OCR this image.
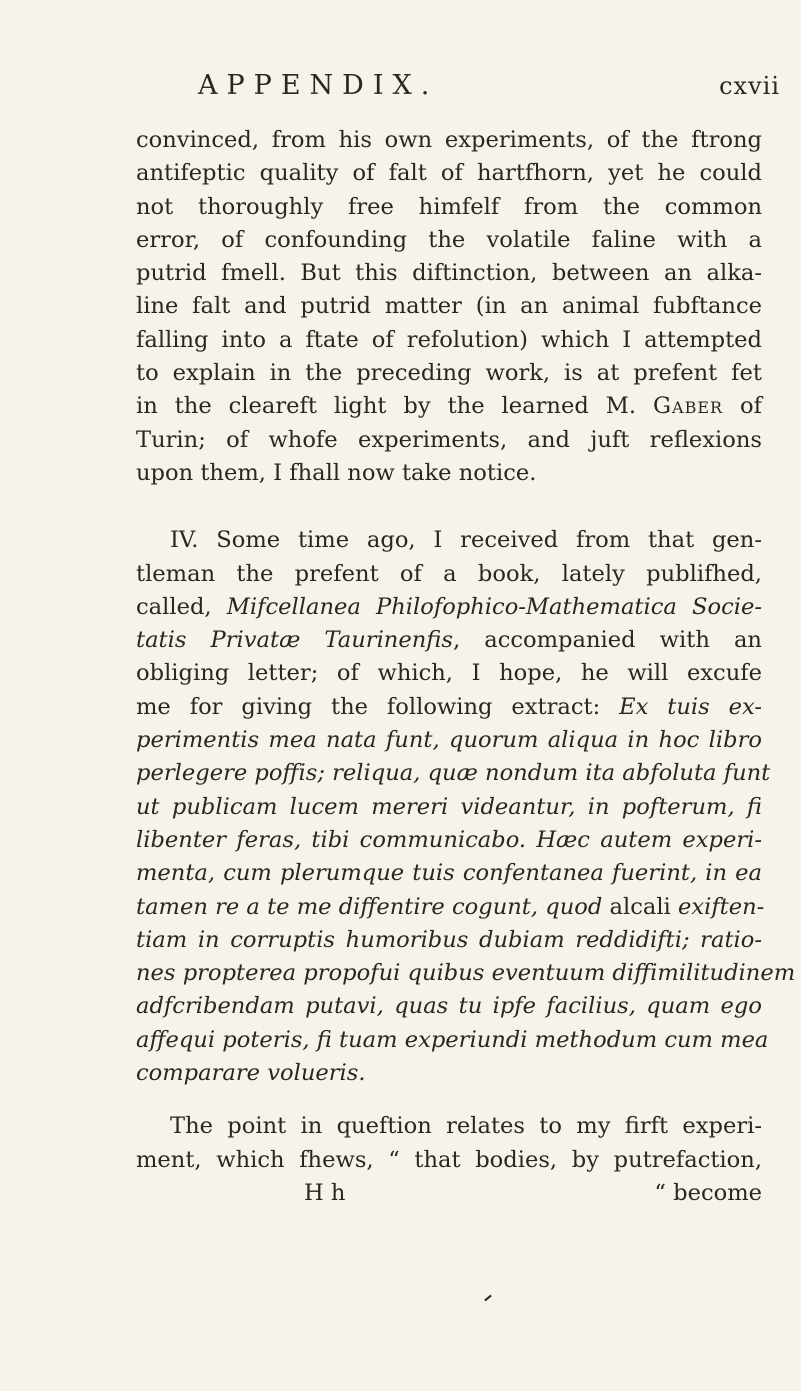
APPENDIX.	cxvii
convinced, from his own experiments, of the ftrong
antifeptic quality of falt of hartfhorn, yet he could
not thoroughly free himfelf from the common
error, of confounding the volatile faline with a
putrid fmell. But this diftinction, between an alka-
line falt and putrid matter (in an animal fubftance
falling into a ftate of refolution) which I attempted
to explain in the preceding work, is at prefent fet
in the cleareft light by the learned M. Gaber of
Turin; of whofe experiments, and juft reflexions
upon them, I fhall now take notice.
IV. Some time ago, I received from that gen-
tleman the prefent of a book, lately publifhed,
called, Mifcellanea Philofophico-Mathematica Socie-
tatis Privatæ Taurinenfis, accompanied with an
obliging letter; of which, I hope, he will excufe
me for giving the following extract: Ex tuis ex-
perimentis mea nata funt, quorum aliqua in hoc libro
perlegere poffis; reliqua, quæ nondum ita abfoluta funt
ut publicam lucem mereri videantur, in pofterum, fi
libenter feras, tibi communicabo. Hæc autem experi-
menta, cum plerumque tuis confentanea fuerint, in ea
tamen re a te me diffentire cogunt, quod alcali exiften-
tiam in corruptis humoribus dubiam reddidifti; ratio-
nes propterea propofui quibus eventuum diffimilitudinem
adfcribendam putavi, quas tu ipfe facilius, quam ego
affequi poteris, fi tuam experiundi methodum cum mea
comparare volueris.
The point in queftion relates to my firft experi-
ment, which fhews, “ that bodies, by putrefaction,
H h	“ become
